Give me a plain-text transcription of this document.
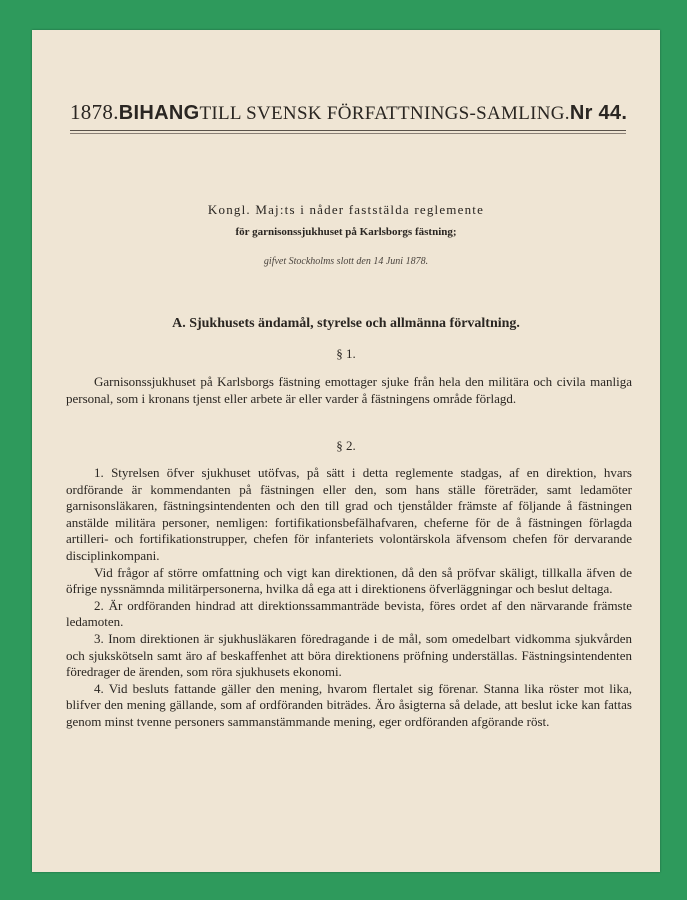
1878. BIHANG TILL SVENSK FÖRFATTNINGS-SAMLING. Nr 44.
Kongl. Maj:ts i nåder faststälda reglemente
för garnisonssjukhuset på Karlsborgs fästning;
gifvet Stockholms slott den 14 Juni 1878.
A. Sjukhusets ändamål, styrelse och allmänna förvaltning.
§ 1.

Garnisonssjukhuset på Karlsborgs fästning emottager sjuke från hela den militära och civila manliga personal, som i kronans tjenst eller arbete är eller varder å fästningens område förlagd.

§ 2.

1. Styrelsen öfver sjukhuset utöfvas, på sätt i detta reglemente stadgas, af en direktion, hvars ordförande är kommendanten på fästningen eller den, som hans ställe företräder, samt ledamöter garnisonsläkaren, fästningsintendenten och den till grad och tjenstålder främste af följande å fästningen anstälde militära personer, nemligen: fortifikationsbefälhafvaren, cheferne för de å fästningen förlagda artilleri- och fortifikationstrupper, chefen för infanteriets volontärskola äfvensom chefen för dervarande disciplinkompani.

Vid frågor af större omfattning och vigt kan direktionen, då den så pröfvar skäligt, tillkalla äfven de öfrige nyssnämnda militärpersonerna, hvilka då ega att i direktionens öfverläggningar och beslut deltaga.

2. Är ordföranden hindrad att direktionssammanträde bevista, föres ordet af den närvarande främste ledamoten.

3. Inom direktionen är sjukhusläkaren föredragande i de mål, som omedelbart vidkomma sjukvården och sjukskötseln samt äro af beskaffenhet att böra direktionens pröfning underställas. Fästningsintendenten föredrager de ärenden, som röra sjukhusets ekonomi.

4. Vid besluts fattande gäller den mening, hvarom flertalet sig förenar. Stanna lika röster mot lika, blifver den mening gällande, som af ordföranden biträdes. Äro åsigterna så delade, att beslut icke kan fattas genom minst tvenne personers sammanstämmande mening, eger ordföranden afgörande röst.
